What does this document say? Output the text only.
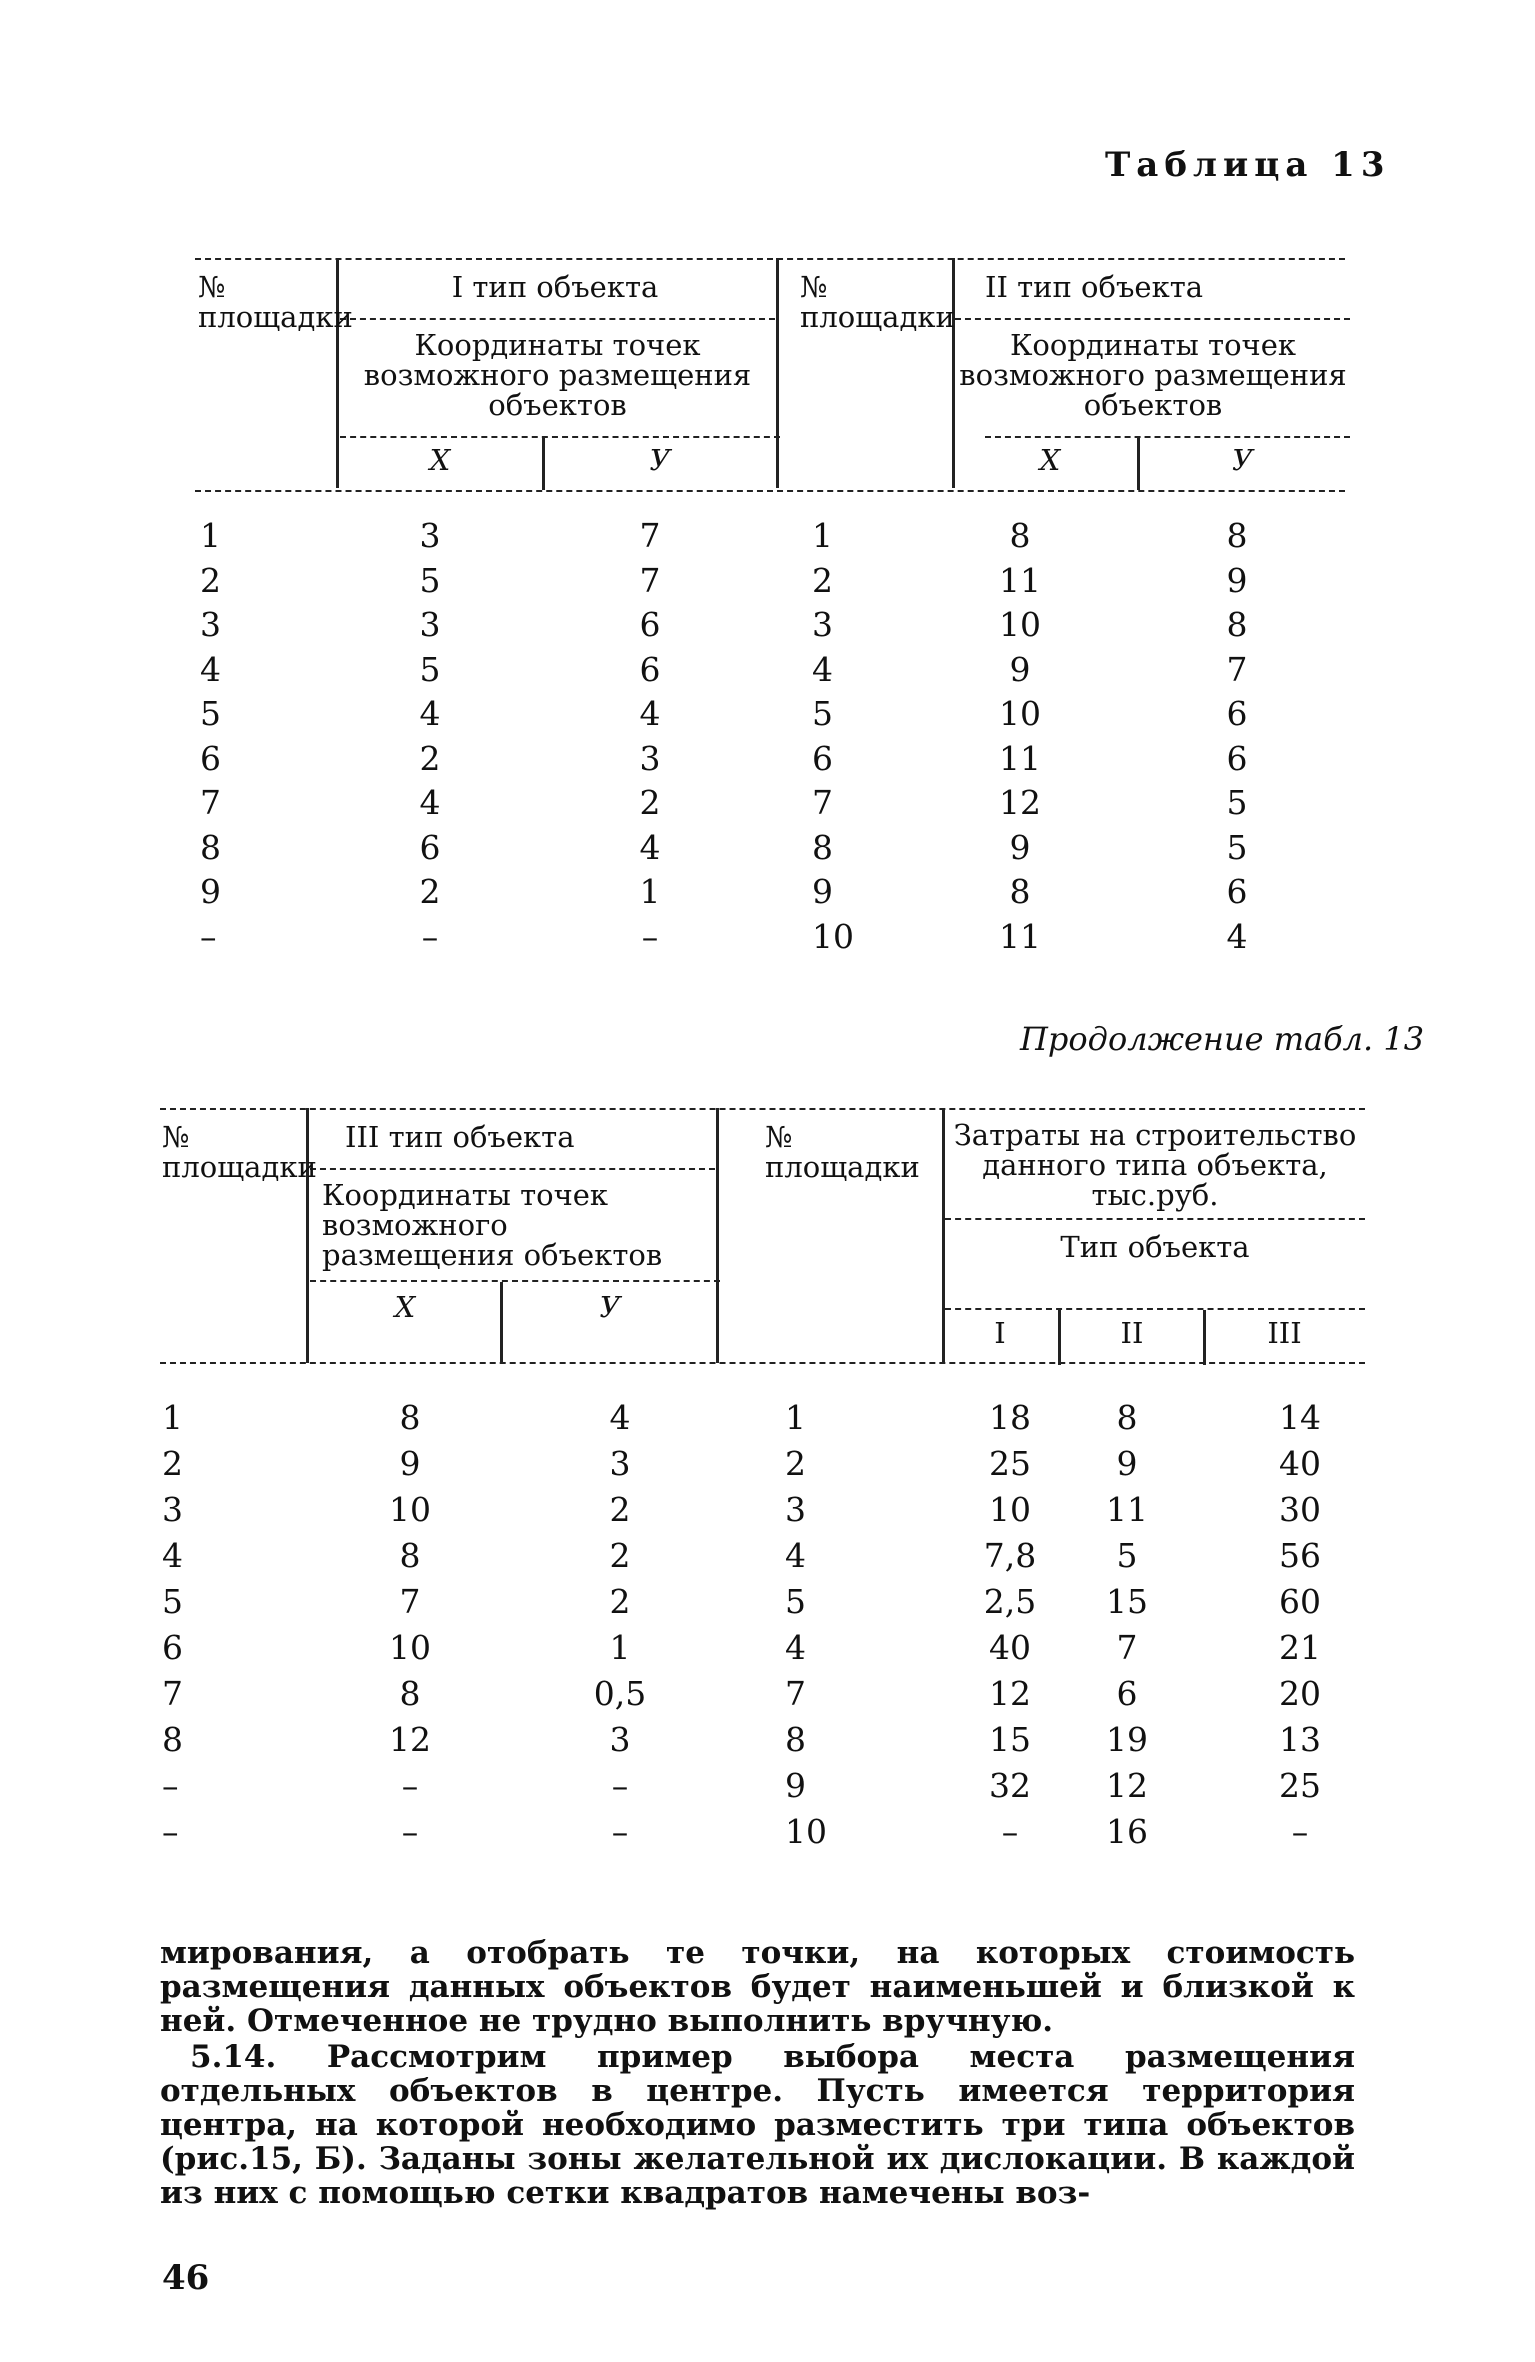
Таблица 13
№ площадки
I тип объекта
Координаты точек возможного размещения объектов
X	У
№ площадки
II тип объекта
Координаты точек возможного размещения объектов
X	У
1	3	7	1	8	8
2	5	7	2	11	9
3	3	6	3	10	8
4	5	6	4	9	7
5	4	4	5	10	6
6	2	3	6	11	6
7	4	2	7	12	5
8	6	4	8	9	5
9	2	1	9	8	6
–	–	–	10	11	4
Продолжение табл. 13
№ площадки
III тип объекта
Координаты точек возможного размещения объектов
X	У
№ площадки
Затраты на строительство данного типа объекта, тыс.руб.
Тип объекта
I	II	III
1	8	4	1	18	8	14
2	9	3	2	25	9	40
3	10	2	3	10	11	30
4	8	2	4	7,8	5	56
5	7	2	5	2,5	15	60
6	10	1	4	40	7	21
7	8	0,5	7	12	6	20
8	12	3	8	15	19	13
–	–	–	9	32	12	25
–	–	–	10	–	16	–
мирования, а отобрать те точки, на которых стоимость размещения данных объектов будет наименьшей и близкой к ней. Отмеченное не трудно выполнить вручную.
5.14. Рассмотрим пример выбора места размещения отдельных объектов в центре. Пусть имеется территория центра, на которой необходимо разместить три типа объектов (рис.15, Б). Заданы зоны желательной их дислокации. В каждой из них с помощью сетки квадратов намечены воз-
46
